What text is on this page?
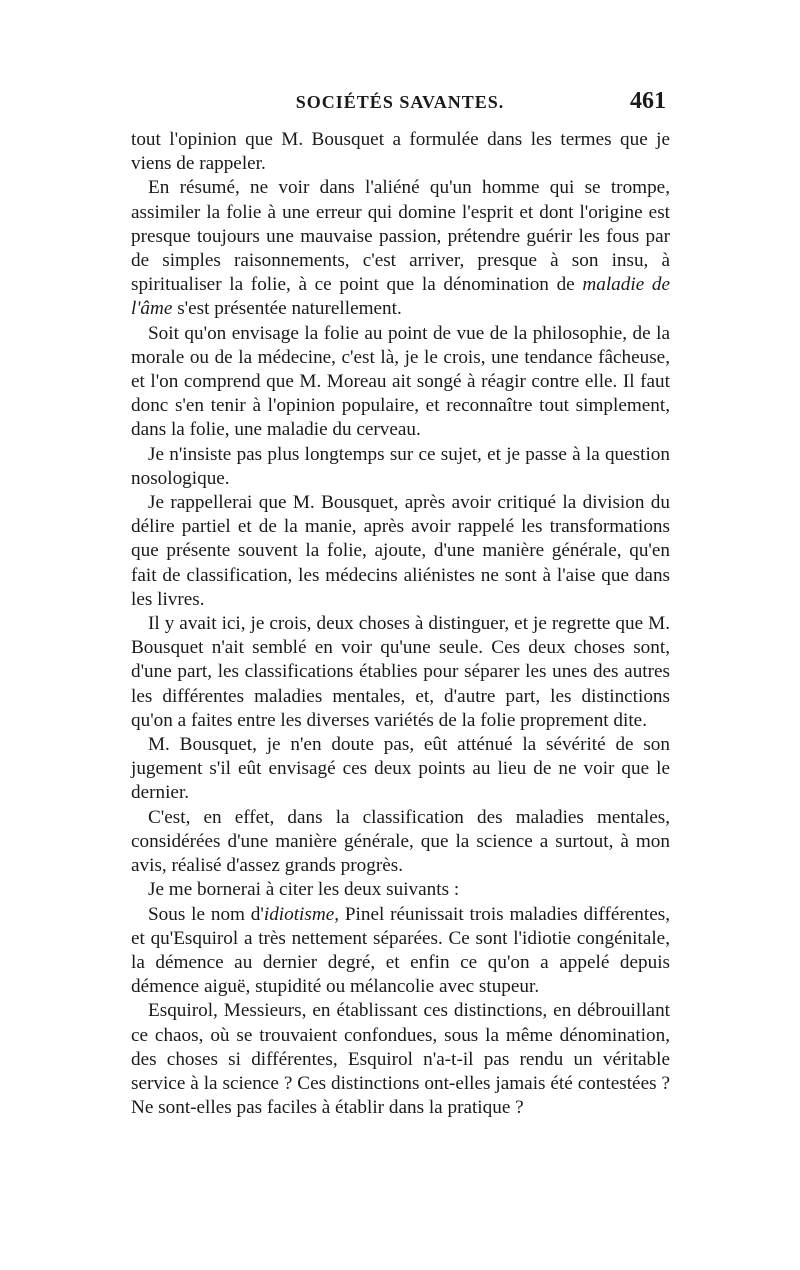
SOCIÉTÉS SAVANTES.	461

tout l'opinion que M. Bousquet a formulée dans les termes que je viens de rappeler.

En résumé, ne voir dans l'aliéné qu'un homme qui se trompe, assimiler la folie à une erreur qui domine l'esprit et dont l'origine est presque toujours une mauvaise passion, prétendre guérir les fous par de simples raisonnements, c'est arriver, presque à son insu, à spiritualiser la folie, à ce point que la dénomination de maladie de l'âme s'est présentée naturellement.

Soit qu'on envisage la folie au point de vue de la philosophie, de la morale ou de la médecine, c'est là, je le crois, une tendance fâcheuse, et l'on comprend que M. Moreau ait songé à réagir contre elle. Il faut donc s'en tenir à l'opinion populaire, et reconnaître tout simplement, dans la folie, une maladie du cerveau.

Je n'insiste pas plus longtemps sur ce sujet, et je passe à la question nosologique.

Je rappellerai que M. Bousquet, après avoir critiqué la division du délire partiel et de la manie, après avoir rappelé les transformations que présente souvent la folie, ajoute, d'une manière générale, qu'en fait de classification, les médecins aliénistes ne sont à l'aise que dans les livres.

Il y avait ici, je crois, deux choses à distinguer, et je regrette que M. Bousquet n'ait semblé en voir qu'une seule. Ces deux choses sont, d'une part, les classifications établies pour séparer les unes des autres les différentes maladies mentales, et, d'autre part, les distinctions qu'on a faites entre les diverses variétés de la folie proprement dite.

M. Bousquet, je n'en doute pas, eût atténué la sévérité de son jugement s'il eût envisagé ces deux points au lieu de ne voir que le dernier.

C'est, en effet, dans la classification des maladies mentales, considérées d'une manière générale, que la science a surtout, à mon avis, réalisé d'assez grands progrès.

Je me bornerai à citer les deux suivants :

Sous le nom d'idiotisme, Pinel réunissait trois maladies différentes, et qu'Esquirol a très nettement séparées. Ce sont l'idiotie congénitale, la démence au dernier degré, et enfin ce qu'on a appelé depuis démence aiguë, stupidité ou mélancolie avec stupeur.

Esquirol, Messieurs, en établissant ces distinctions, en débrouillant ce chaos, où se trouvaient confondues, sous la même dénomination, des choses si différentes, Esquirol n'a-t-il pas rendu un véritable service à la science ? Ces distinctions ont-elles jamais été contestées ? Ne sont-elles pas faciles à établir dans la pratique ?
